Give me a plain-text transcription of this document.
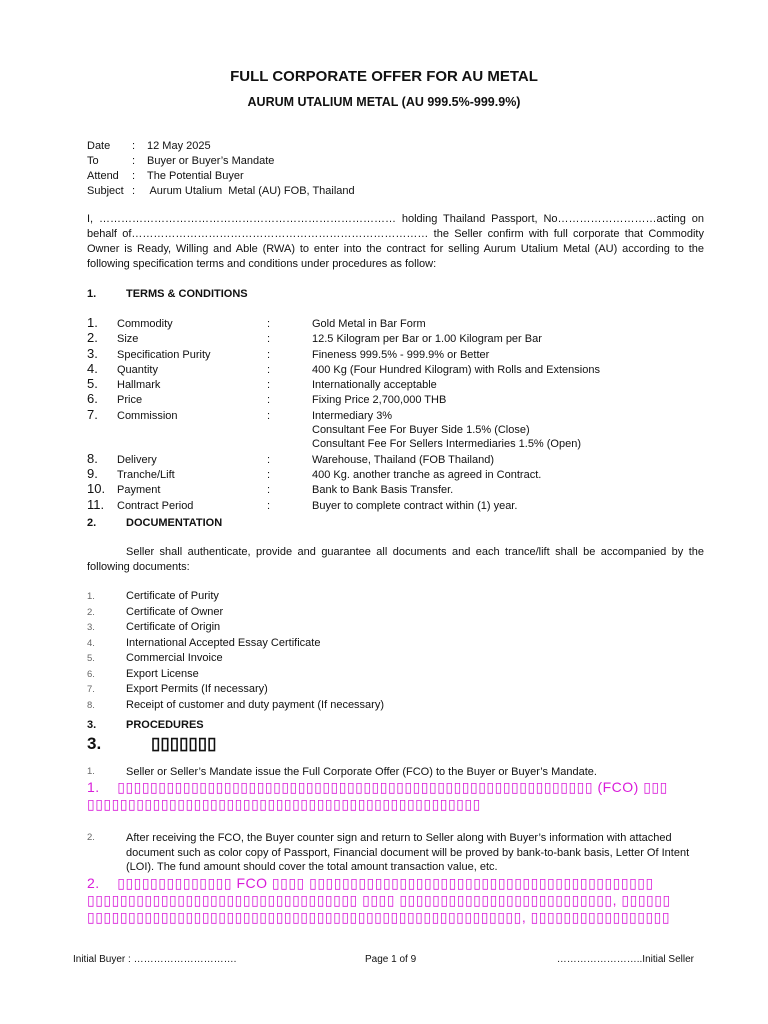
FULL CORPORATE OFFER FOR AU METAL
AURUM UTALIUM METAL (AU 999.5%-999.9%)
Date	:	12 May 2025
To	:	Buyer or Buyer’s Mandate
Attend	:	The Potential Buyer
Subject :	Aurum Utalium  Metal (AU) FOB, Thailand
I, ……………………………………………………………………… holding Thailand Passport, No………………………acting on behalf of……………………………………………………………………… the Seller confirm with full corporate that Commodity Owner is Ready, Willing and Able (RWA) to enter into the contract for selling Aurum Utalium Metal (AU) according to the following specification terms and conditions under procedures as follow:
1.	TERMS & CONDITIONS
1.	Commodity	:	Gold Metal in Bar Form
2.	Size	:	12.5 Kilogram per Bar or 1.00 Kilogram per Bar
3.	Specification Purity	:	Fineness 999.5% - 999.9% or Better
4.	Quantity	:	400 Kg (Four Hundred Kilogram) with Rolls and Extensions
5.	Hallmark	:	Internationally acceptable
6.	Price	:	Fixing Price 2,700,000 THB
7.	Commission	:	Intermediary 3%
Consultant Fee For Buyer Side 1.5% (Close)
Consultant Fee For Sellers Intermediaries 1.5% (Open)
8.	Delivery	:	Warehouse, Thailand (FOB Thailand)
9.	Tranche/Lift	:	400 Kg. another tranche as agreed in Contract.
10.	Payment	:	Bank to Bank Basis Transfer.
11.	Contract Period	:	Buyer to complete contract within (1) year.
2.	DOCUMENTATION
Seller shall authenticate, provide and guarantee all documents and each trance/lift shall be accompanied by the following documents:
1.	Certificate of Purity
2.	Certificate of Owner
3.	Certificate of Origin
4.	International Accepted Essay Certificate
5.	Commercial Invoice
6.	Export License
7.	Export Permits (If necessary)
8.	Receipt of customer and duty payment (If necessary)
3.	PROCEDURES
3.	▯▯▯▯▯▯▯
1.	Seller or Seller’s Mandate issue the Full Corporate Offer (FCO) to the Buyer or Buyer’s Mandate.
1.    ▯▯▯▯▯▯▯▯▯▯▯▯▯▯▯▯▯▯▯▯▯▯▯▯▯▯▯▯▯▯▯▯▯▯▯▯▯▯▯▯▯▯▯▯▯▯▯▯▯▯▯▯▯▯▯▯▯▯ (FCO) ▯▯▯
▯▯▯▯▯▯▯▯▯▯▯▯▯▯▯▯▯▯▯▯▯▯▯▯▯▯▯▯▯▯▯▯▯▯▯▯▯▯▯▯▯▯▯▯▯▯▯▯
2.	After receiving the FCO, the Buyer counter sign and return to Seller along with Buyer’s information with attached document such as color copy of Passport, Financial document will be proved by bank-to-bank basis, Letter Of Intent (LOI). The fund amount should cover the total amount transaction value, etc.
2.    ▯▯▯▯▯▯▯▯▯▯▯▯▯▯ FCO ▯▯▯▯ ▯▯▯▯▯▯▯▯▯▯▯▯▯▯▯▯▯▯▯▯▯▯▯▯▯▯▯▯▯▯▯▯▯▯▯▯▯▯▯▯▯▯
▯▯▯▯▯▯▯▯▯▯▯▯▯▯▯▯▯▯▯▯▯▯▯▯▯▯▯▯▯▯▯▯▯ ▯▯▯▯ ▯▯▯▯▯▯▯▯▯▯▯▯▯▯▯▯▯▯▯▯▯▯▯▯▯▯, ▯▯▯▯▯▯
▯▯▯▯▯▯▯▯▯▯▯▯▯▯▯▯▯▯▯▯▯▯▯▯▯▯▯▯▯▯▯▯▯▯▯▯▯▯▯▯▯▯▯▯▯▯▯▯▯▯▯▯▯, ▯▯▯▯▯▯▯▯▯▯▯▯▯▯▯▯▯
Initial Buyer : ………………………….	Page 1 of 9	……………………..Initial Seller
